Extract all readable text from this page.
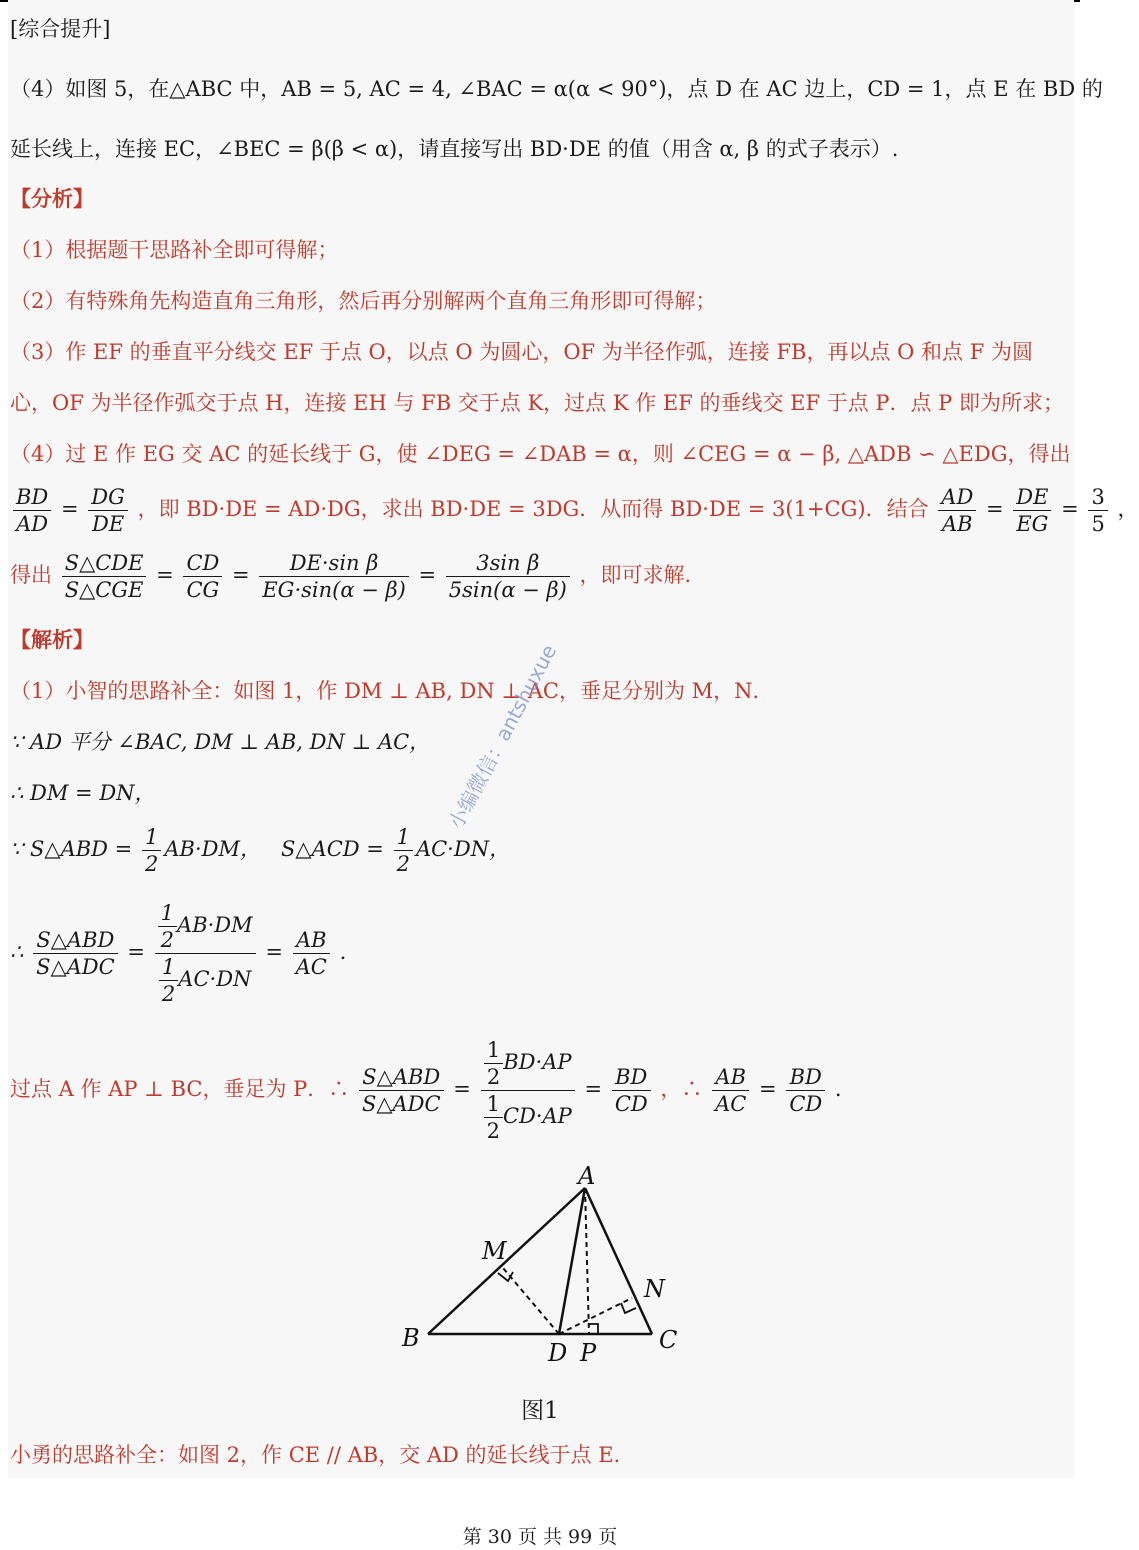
[综合提升]
（4）如图 5，在△ABC 中，AB = 5, AC = 4, ∠BAC = α(α < 90°)，点 D 在 AC 边上，CD = 1，点 E 在 BD 的
延长线上，连接 EC，∠BEC = β(β < α)，请直接写出 BD·DE 的值（用含 α, β 的式子表示）.
【分析】
（1）根据题干思路补全即可得解；
（2）有特殊角先构造直角三角形，然后再分别解两个直角三角形即可得解；
（3）作 EF 的垂直平分线交 EF 于点 O，以点 O 为圆心，OF 为半径作弧，连接 FB，再以点 O 和点 F 为圆
心，OF 为半径作弧交于点 H，连接 EH 与 FB 交于点 K，过点 K 作 EF 的垂线交 EF 于点 P．点 P 即为所求；
（4）过 E 作 EG 交 AC 的延长线于 G，使 ∠DEG = ∠DAB = α，则 ∠CEG = α − β, △ADB ∽ △EDG，得出
$\frac{BD}{AD} = \frac{DG}{DE}$ ，即 BD·DE = AD·DG，求出 BD·DE = 3DG．从而得 BD·DE = 3(1+CG)．结合 $\frac{AD}{AB} = \frac{DE}{EG} = \frac{3}{5}$ ，
得出 $\frac{\text{S△CDE}}{\text{S△CGE}} = \frac{CD}{CG} = \frac{\text{DE·sin β}}{EG\cdot\sin(\alpha - \beta)} = \frac{\text{3sin β}}{5\sin(\alpha - \beta)}$ ，即可求解．
【解析】
（1）小智的思路补全：如图 1，作 DM ⊥ AB, DN ⊥ AC，垂足分别为 M，N．
∵ AD 平分 ∠BAC, DM ⊥ AB, DN ⊥ AC，
∴ DM = DN，
∵ S△ABD = $\frac{1}{2} AB\cdot DM$， S△ACD = $\frac{1}{2} AC\cdot DN$，
∴ $\frac{\text{S△ABD}}{\text{S△ADC}} = \frac{\frac{1}{2} AB\cdot DM}{\frac{1}{2} AC\cdot DN} = \frac{AB}{AC}$ .
过点 A 作 AP ⊥ BC，垂足为 P．∴ $\frac{\text{S△ABD}}{\text{S△ADC}} = \frac{\frac{1}{2} BD\cdot AP}{\frac{1}{2} CD\cdot AP} = \frac{BD}{CD}$ ，∴ $\frac{AB}{AC} = \frac{BD}{CD}$ .
A
B	C
D P
M
N
图1
小勇的思路补全：如图 2，作 CE // AB，交 AD 的延长线于点 E．
小编微信：antshuxue
第 30 页 共 99 页
